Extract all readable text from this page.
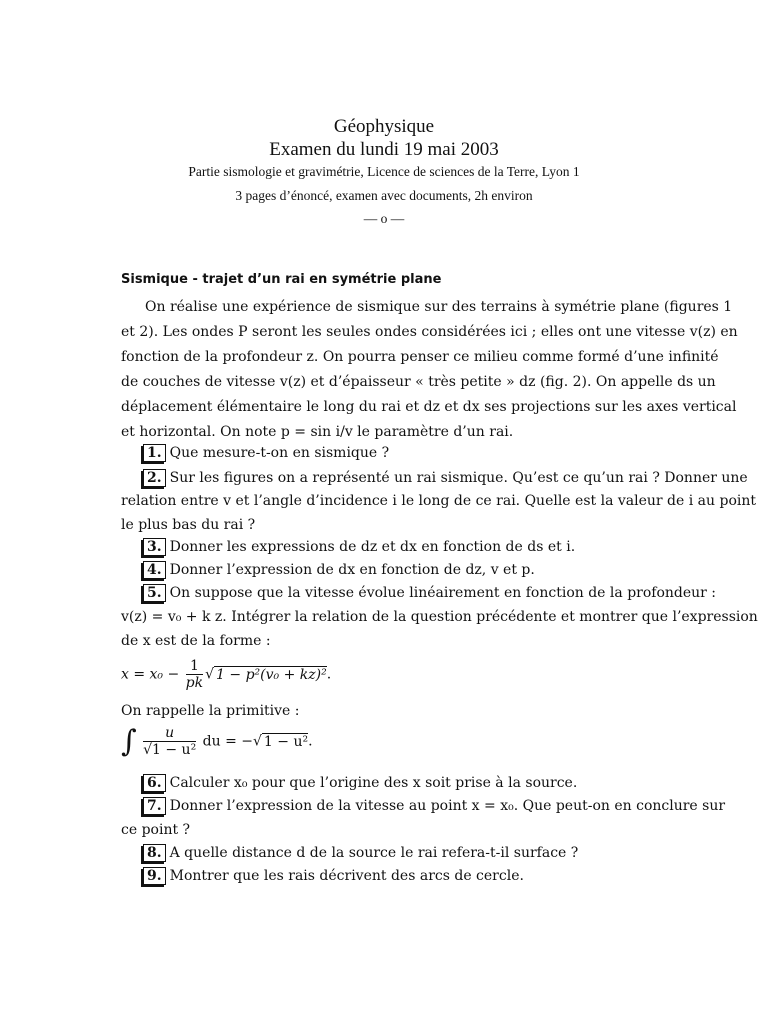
Géophysique
Examen du lundi 19 mai 2003
Partie sismologie et gravimétrie, Licence de sciences de la Terre, Lyon 1
3 pages d’énoncé, examen avec documents, 2h environ
— o —
Sismique - trajet d’un rai en symétrie plane
On réalise une expérience de sismique sur des terrains à symétrie plane (figures 1
et 2). Les ondes P seront les seules ondes considérées ici ; elles ont une vitesse v(z) en
fonction de la profondeur z. On pourra penser ce milieu comme formé d’une infinité
de couches de vitesse v(z) et d’épaisseur « très petite » dz (fig. 2). On appelle ds un
déplacement élémentaire le long du rai et dz et dx ses projections sur les axes vertical
et horizontal. On note p = sin i/v le paramètre d’un rai.
1. Que mesure-t-on en sismique ?
2. Sur les figures on a représenté un rai sismique. Qu’est ce qu’un rai ? Donner une
relation entre v et l’angle d’incidence i le long de ce rai. Quelle est la valeur de i au point
le plus bas du rai ?
3. Donner les expressions de dz et dx en fonction de ds et i.
4. Donner l’expression de dx en fonction de dz, v et p.
5. On suppose que la vitesse évolue linéairement en fonction de la profondeur :
v(z) = v₀ + k z. Intégrer la relation de la question précédente et montrer que l’expression
de x est de la forme :
$x = x_0 - \frac{1}{pk}$ √ 1 − p²(v₀ + kz)².
On rappelle la primitive :
∫ $\frac{u}{\text{√1 − u²}}$ du = −√ 1 − u².
6. Calculer x₀ pour que l’origine des x soit prise à la source.
7. Donner l’expression de la vitesse au point x = x₀. Que peut-on en conclure sur
ce point ?
8. A quelle distance d de la source le rai refera-t-il surface ?
9. Montrer que les rais décrivent des arcs de cercle.
